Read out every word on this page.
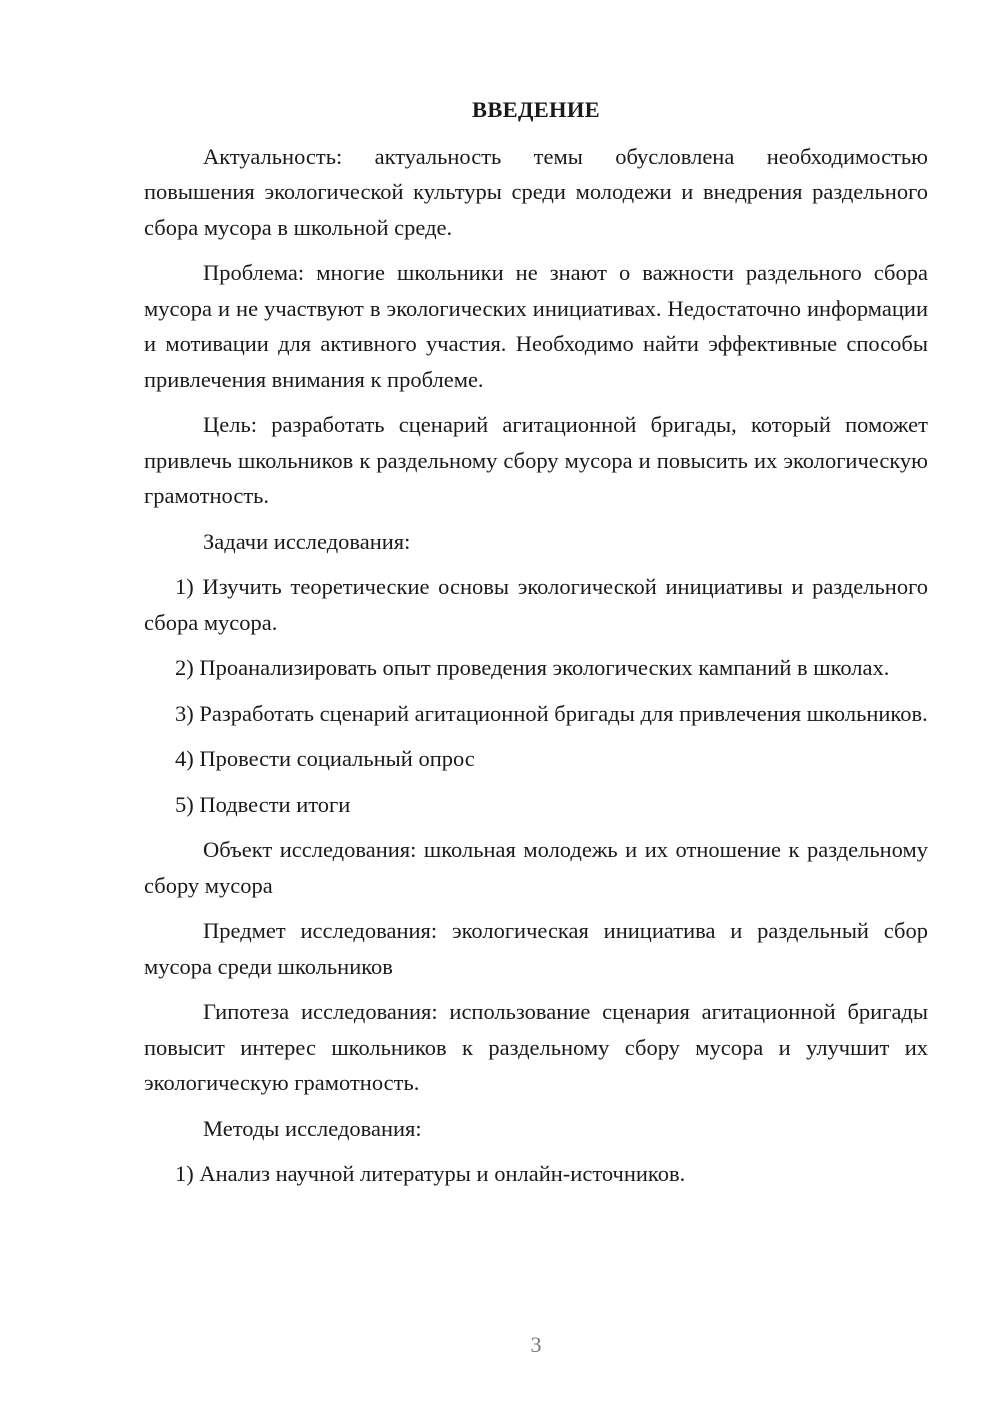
ВВЕДЕНИЕ

Актуальность: актуальность темы обусловлена необходимостью повышения экологической культуры среди молодежи и внедрения раздельного сбора мусора в школьной среде.

Проблема: многие школьники не знают о важности раздельного сбора мусора и не участвуют в экологических инициативах. Недостаточно информации и мотивации для активного участия. Необходимо найти эффективные способы привлечения внимания к проблеме.

Цель: разработать сценарий агитационной бригады, который поможет привлечь школьников к раздельному сбору мусора и повысить их экологическую грамотность.

Задачи исследования:

1) Изучить теоретические основы экологической инициативы и раздельного сбора мусора.

2) Проанализировать опыт проведения экологических кампаний в школах.

3) Разработать сценарий агитационной бригады для привлечения школьников.

4) Провести социальный опрос

5) Подвести итоги

Объект исследования: школьная молодежь и их отношение к раздельному сбору мусора

Предмет исследования: экологическая инициатива и раздельный сбор мусора среди школьников

Гипотеза исследования: использование сценария агитационной бригады повысит интерес школьников к раздельному сбору мусора и улучшит их экологическую грамотность.

Методы исследования:

1) Анализ научной литературы и онлайн-источников.

3
